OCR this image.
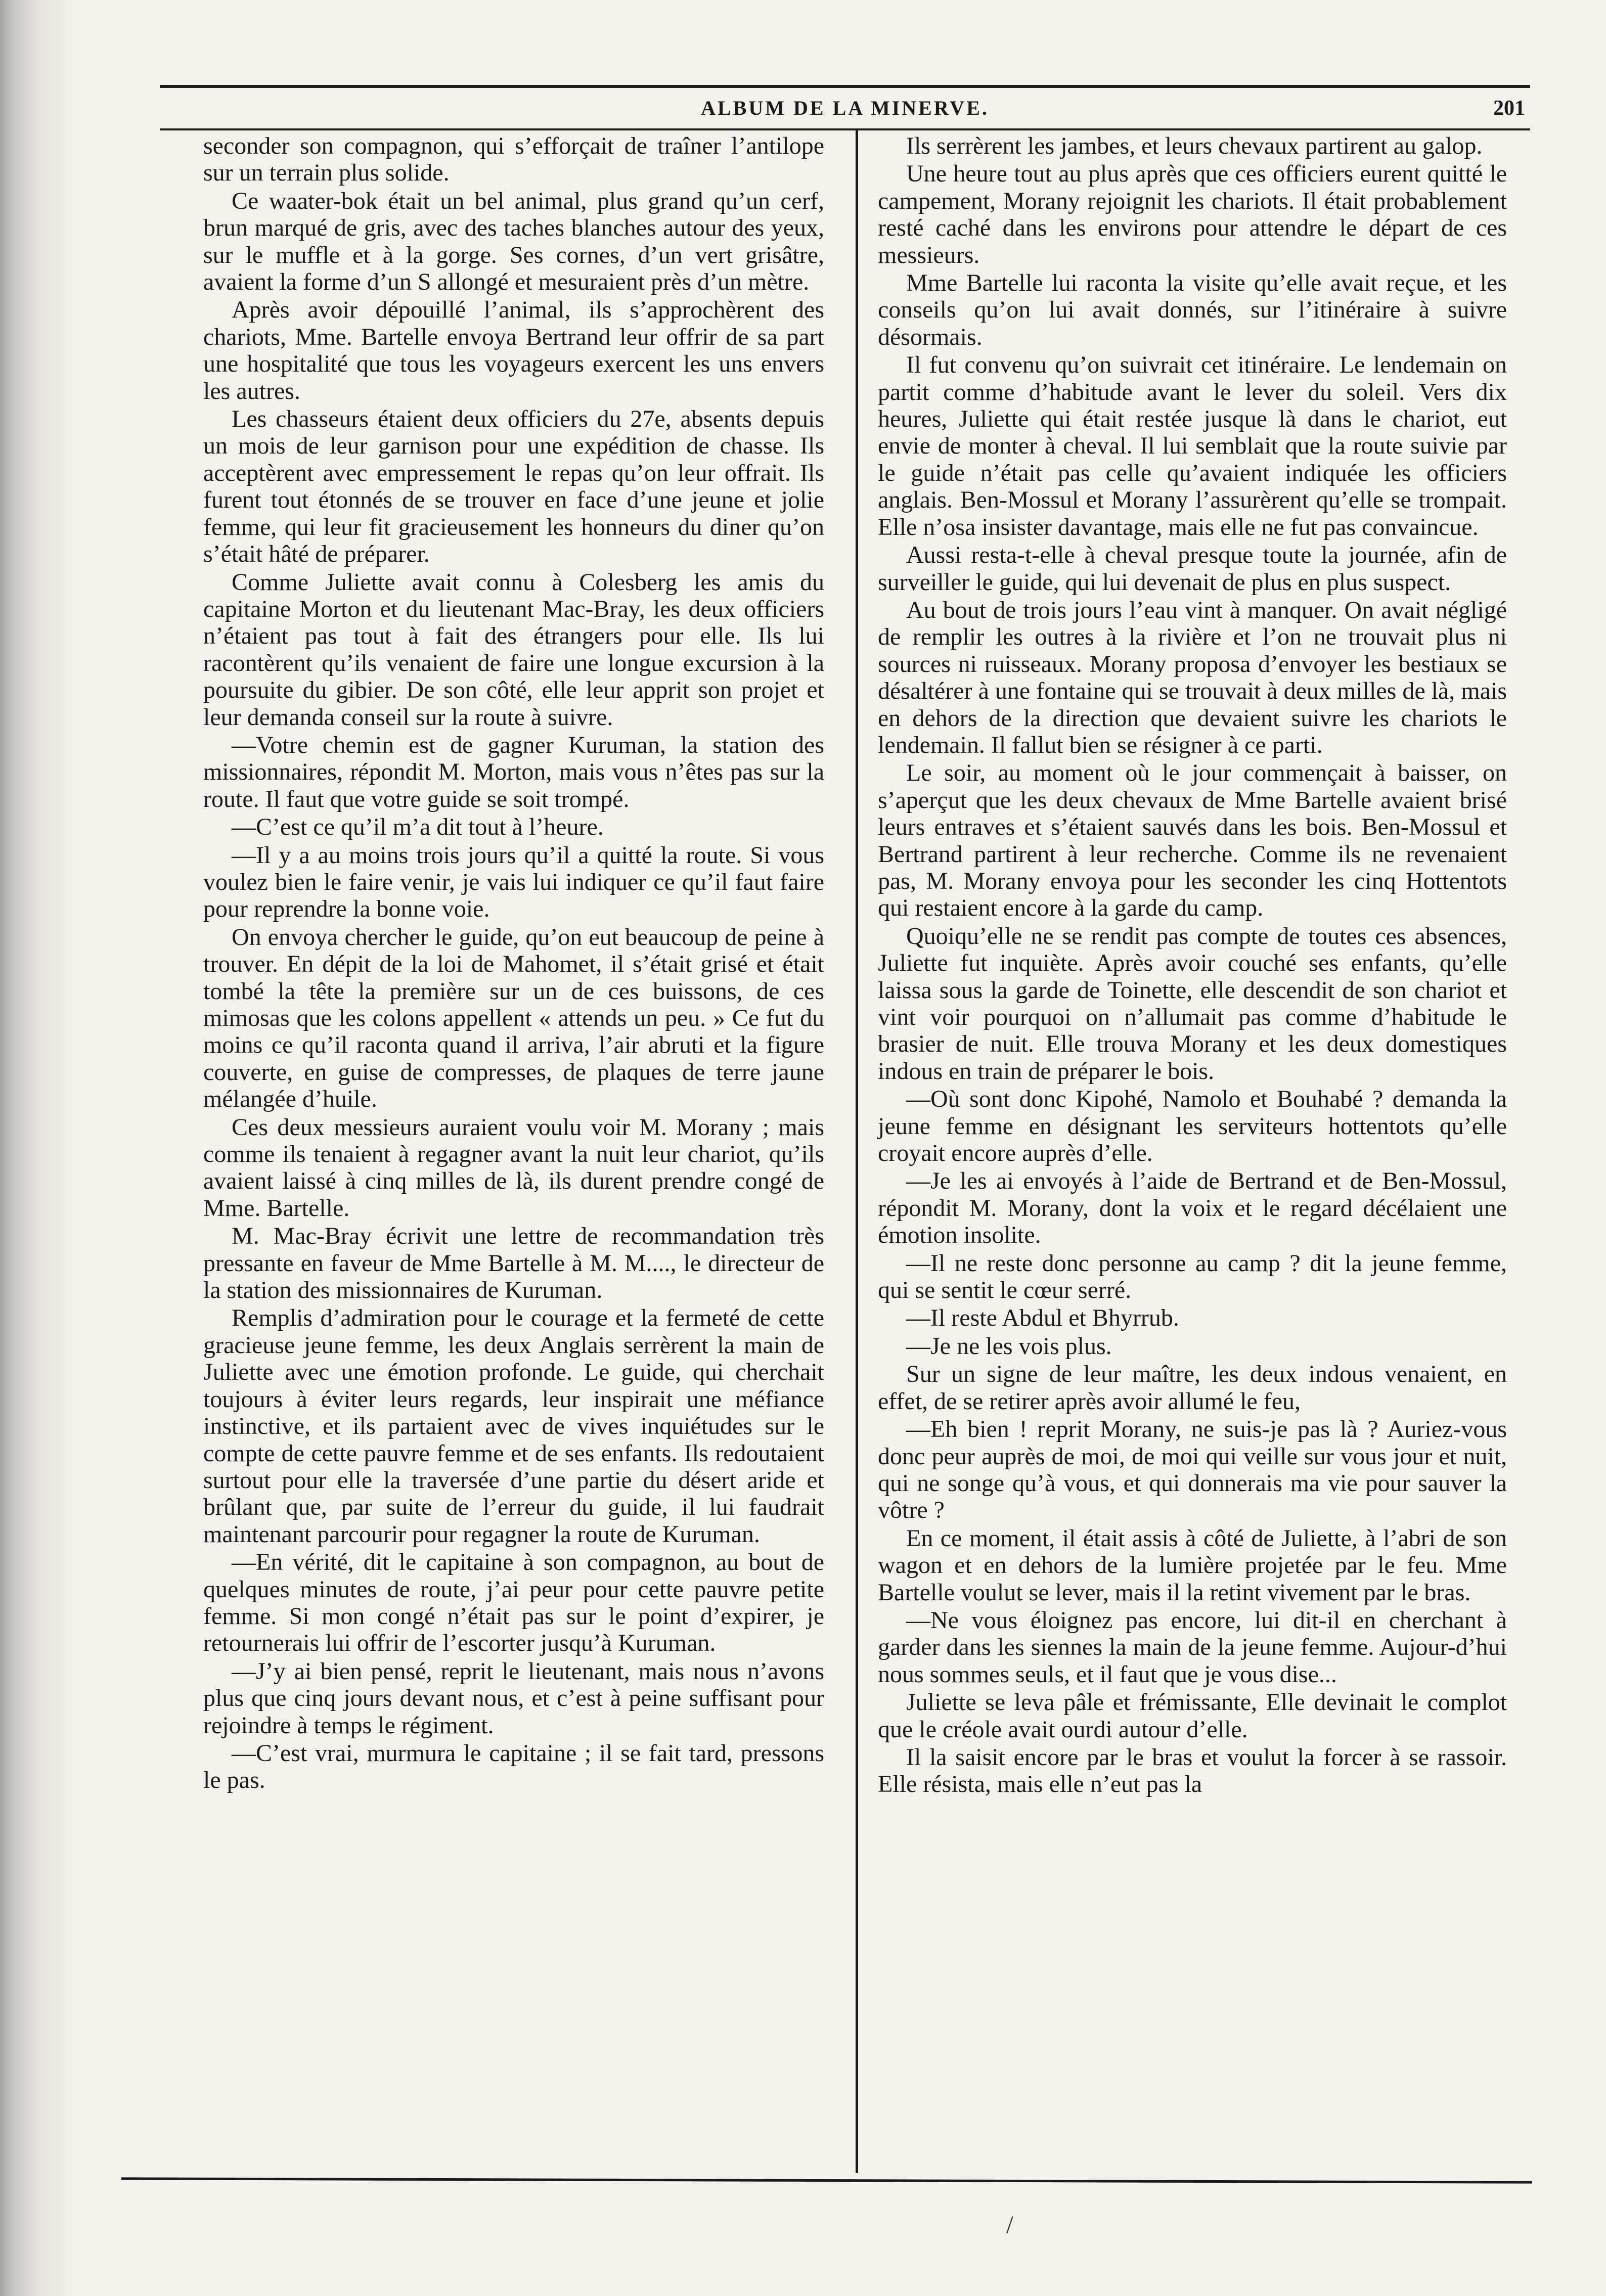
ALBUM DE LA MINERVE.	201

seconder son compagnon, qui s’efforçait de traîner l’antilope sur un terrain plus solide.

Ce waater-bok était un bel animal, plus grand qu’un cerf, brun marqué de gris, avec des taches blanches autour des yeux, sur le muffle et à la gorge. Ses cornes, d’un vert grisâtre, avaient la forme d’un S allongé et mesuraient près d’un mètre.

Après avoir dépouillé l’animal, ils s’approchèrent des chariots, Mme. Bartelle envoya Bertrand leur offrir de sa part une hospitalité que tous les voyageurs exercent les uns envers les autres.

Les chasseurs étaient deux officiers du 27e, absents depuis un mois de leur garnison pour une expédition de chasse. Ils acceptèrent avec empressement le repas qu’on leur offrait. Ils furent tout étonnés de se trouver en face d’une jeune et jolie femme, qui leur fit gracieusement les honneurs du diner qu’on s’était hâté de préparer.

Comme Juliette avait connu à Colesberg les amis du capitaine Morton et du lieutenant Mac-Bray, les deux officiers n’étaient pas tout à fait des étrangers pour elle. Ils lui racontèrent qu’ils venaient de faire une longue excursion à la poursuite du gibier. De son côté, elle leur apprit son projet et leur demanda conseil sur la route à suivre.

—Votre chemin est de gagner Kuruman, la station des missionnaires, répondit M. Morton, mais vous n’êtes pas sur la route. Il faut que votre guide se soit trompé.

—C’est ce qu’il m’a dit tout à l’heure.

—Il y a au moins trois jours qu’il a quitté la route. Si vous voulez bien le faire venir, je vais lui indiquer ce qu’il faut faire pour reprendre la bonne voie.

On envoya chercher le guide, qu’on eut beaucoup de peine à trouver. En dépit de la loi de Mahomet, il s’était grisé et était tombé la tête la première sur un de ces buissons, de ces mimosas que les colons appellent « attends un peu. » Ce fut du moins ce qu’il raconta quand il arriva, l’air abruti et la figure couverte, en guise de compresses, de plaques de terre jaune mélangée d’huile.

Ces deux messieurs auraient voulu voir M. Morany ; mais comme ils tenaient à regagner avant la nuit leur chariot, qu’ils avaient laissé à cinq milles de là, ils durent prendre congé de Mme. Bartelle.

M. Mac-Bray écrivit une lettre de recommandation très pressante en faveur de Mme Bartelle à M. M...., le directeur de la station des missionnaires de Kuruman.

Remplis d’admiration pour le courage et la fermeté de cette gracieuse jeune femme, les deux Anglais serrèrent la main de Juliette avec une émotion profonde. Le guide, qui cherchait toujours à éviter leurs regards, leur inspirait une méfiance instinctive, et ils partaient avec de vives inquiétudes sur le compte de cette pauvre femme et de ses enfants. Ils redoutaient surtout pour elle la traversée d’une partie du désert aride et brûlant que, par suite de l’erreur du guide, il lui faudrait maintenant parcourir pour regagner la route de Kuruman.

—En vérité, dit le capitaine à son compagnon, au bout de quelques minutes de route, j’ai peur pour cette pauvre petite femme. Si mon congé n’était pas sur le point d’expirer, je retournerais lui offrir de l’escorter jusqu’à Kuruman.

—J’y ai bien pensé, reprit le lieutenant, mais nous n’avons plus que cinq jours devant nous, et c’est à peine suffisant pour rejoindre à temps le régiment.

—C’est vrai, murmura le capitaine ; il se fait tard, pressons le pas.

Ils serrèrent les jambes, et leurs chevaux partirent au galop.

Une heure tout au plus après que ces officiers eurent quitté le campement, Morany rejoignit les chariots. Il était probablement resté caché dans les environs pour attendre le départ de ces messieurs.

Mme Bartelle lui raconta la visite qu’elle avait reçue, et les conseils qu’on lui avait donnés, sur l’itinéraire à suivre désormais.

Il fut convenu qu’on suivrait cet itinéraire. Le lendemain on partit comme d’habitude avant le lever du soleil. Vers dix heures, Juliette qui était restée jusque là dans le chariot, eut envie de monter à cheval. Il lui semblait que la route suivie par le guide n’était pas celle qu’avaient indiquée les officiers anglais. Ben-Mossul et Morany l’assurèrent qu’elle se trompait. Elle n’osa insister davantage, mais elle ne fut pas convaincue.

Aussi resta-t-elle à cheval presque toute la journée, afin de surveiller le guide, qui lui devenait de plus en plus suspect.

Au bout de trois jours l’eau vint à manquer. On avait négligé de remplir les outres à la rivière et l’on ne trouvait plus ni sources ni ruisseaux. Morany proposa d’envoyer les bestiaux se désaltérer à une fontaine qui se trouvait à deux milles de là, mais en dehors de la direction que devaient suivre les chariots le lendemain. Il fallut bien se résigner à ce parti.

Le soir, au moment où le jour commençait à baisser, on s’aperçut que les deux chevaux de Mme Bartelle avaient brisé leurs entraves et s’étaient sauvés dans les bois. Ben-Mossul et Bertrand partirent à leur recherche. Comme ils ne revenaient pas, M. Morany envoya pour les seconder les cinq Hottentots qui restaient encore à la garde du camp.

Quoiqu’elle ne se rendit pas compte de toutes ces absences, Juliette fut inquiète. Après avoir couché ses enfants, qu’elle laissa sous la garde de Toinette, elle descendit de son chariot et vint voir pourquoi on n’allumait pas comme d’habitude le brasier de nuit. Elle trouva Morany et les deux domestiques indous en train de préparer le bois.

—Où sont donc Kipohé, Namolo et Bouhabé ? demanda la jeune femme en désignant les serviteurs hottentots qu’elle croyait encore auprès d’elle.

—Je les ai envoyés à l’aide de Bertrand et de Ben-Mossul, répondit M. Morany, dont la voix et le regard décélaient une émotion insolite.

—Il ne reste donc personne au camp ? dit la jeune femme, qui se sentit le cœur serré.

—Il reste Abdul et Bhyrrub.

—Je ne les vois plus.

Sur un signe de leur maître, les deux indous venaient, en effet, de se retirer après avoir allumé le feu,

—Eh bien ! reprit Morany, ne suis-je pas là ? Auriez-vous donc peur auprès de moi, de moi qui veille sur vous jour et nuit, qui ne songe qu’à vous, et qui donnerais ma vie pour sauver la vôtre ?

En ce moment, il était assis à côté de Juliette, à l’abri de son wagon et en dehors de la lumière projetée par le feu. Mme Bartelle voulut se lever, mais il la retint vivement par le bras.

—Ne vous éloignez pas encore, lui dit-il en cherchant à garder dans les siennes la main de la jeune femme. Aujour-d’hui nous sommes seuls, et il faut que je vous dise...

Juliette se leva pâle et frémissante, Elle devinait le complot que le créole avait ourdi autour d’elle.

Il la saisit encore par le bras et voulut la forcer à se rassoir. Elle résista, mais elle n’eut pas la

/
